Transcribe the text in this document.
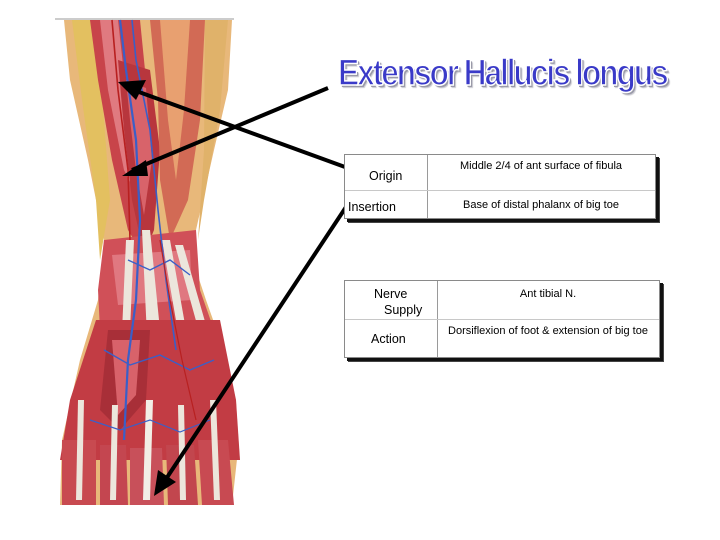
Extensor Hallucis longus
Origin
Middle 2/4 of ant surface of fibula
Insertion	Base of distal phalanx of big toe
Nerve
Supply
Ant tibial N.
Action
Dorsiflexion of foot & extension of big toe
